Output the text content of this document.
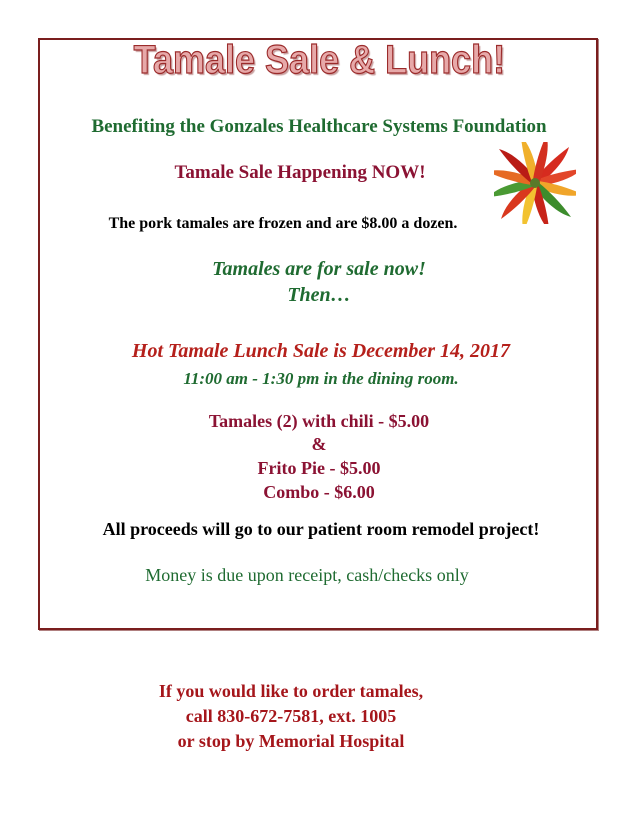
Tamale Sale & Lunch!
Benefiting the Gonzales Healthcare Systems Foundation
Tamale Sale Happening NOW!
The pork tamales are frozen and are $8.00 a dozen.
Tamales are for sale now!
Then…
Hot Tamale Lunch Sale is December 14, 2017
11:00 am - 1:30 pm in the dining room.
Tamales (2) with chili - $5.00
&
Frito Pie - $5.00
Combo - $6.00
All proceeds will go to our patient room remodel project!
Money is due upon receipt, cash/checks only
If you would like to order tamales,
call 830-672-7581, ext. 1005
or stop by Memorial Hospital
